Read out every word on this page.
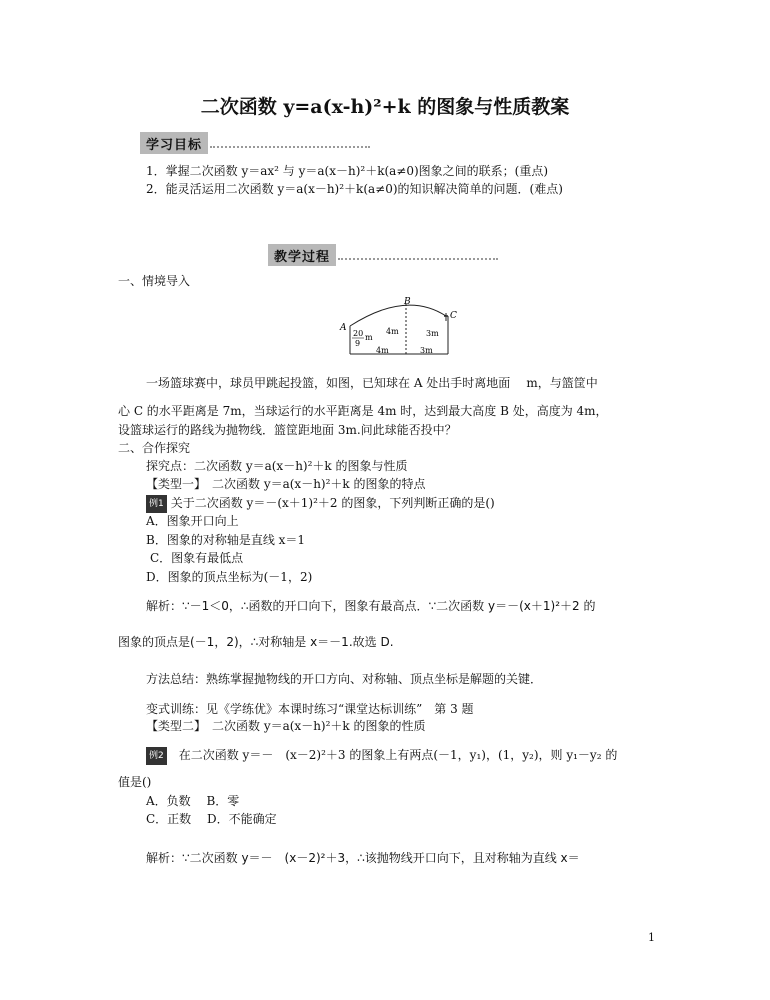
二次函数 y=a(x-h)²+k 的图象与性质教案
学习目标
1．掌握二次函数 y＝ax² 与 y＝a(x－h)²＋k(a≠0)图象之间的联系；(重点)
2．能灵活运用二次函数 y＝a(x－h)²＋k(a≠0)的知识解决简单的问题．(难点)
教学过程
一、情境导入
A
B
C
20
9
m
4m	3m
4m	3m
一场篮球赛中，球员甲跳起投篮，如图，已知球在 A 处出手时离地面 m，与篮筐中
心 C 的水平距离是 7m，当球运行的水平距离是 4m 时，达到最大高度 B 处，高度为 4m，
设篮球运行的路线为抛物线．篮筐距地面 3m.问此球能否投中？
二、合作探究
探究点：二次函数 y＝a(x－h)²＋k 的图象与性质
【类型一】　二次函数 y＝a(x－h)²＋k 的图象的特点
例1 关于二次函数 y＝－(x＋1)²＋2 的图象，下列判断正确的是()
A．图象开口向上
B．图象的对称轴是直线 x＝1
C．图象有最低点
D．图象的顶点坐标为(－1，2)
解析：∵－1＜0，∴函数的开口向下，图象有最高点．∵二次函数 y＝－(x＋1)²＋2 的
图象的顶点是(－1，2)，∴对称轴是 x＝－1.故选 D.
方法总结：熟练掌握抛物线的开口方向、对称轴、顶点坐标是解题的关键．
变式训练：见《学练优》本课时练习“课堂达标训练”　第 3 题
【类型二】　二次函数 y＝a(x－h)²＋k 的图象的性质
例2 在二次函数 y＝－　(x－2)²＋3 的图象上有两点(－1，y₁)，(1，y₂)，则 y₁－y₂ 的
值是()
A．负数　 B．零
C．正数　 D．不能确定
解析：∵二次函数 y＝－　(x－2)²＋3，∴该抛物线开口向下，且对称轴为直线 x＝
1
